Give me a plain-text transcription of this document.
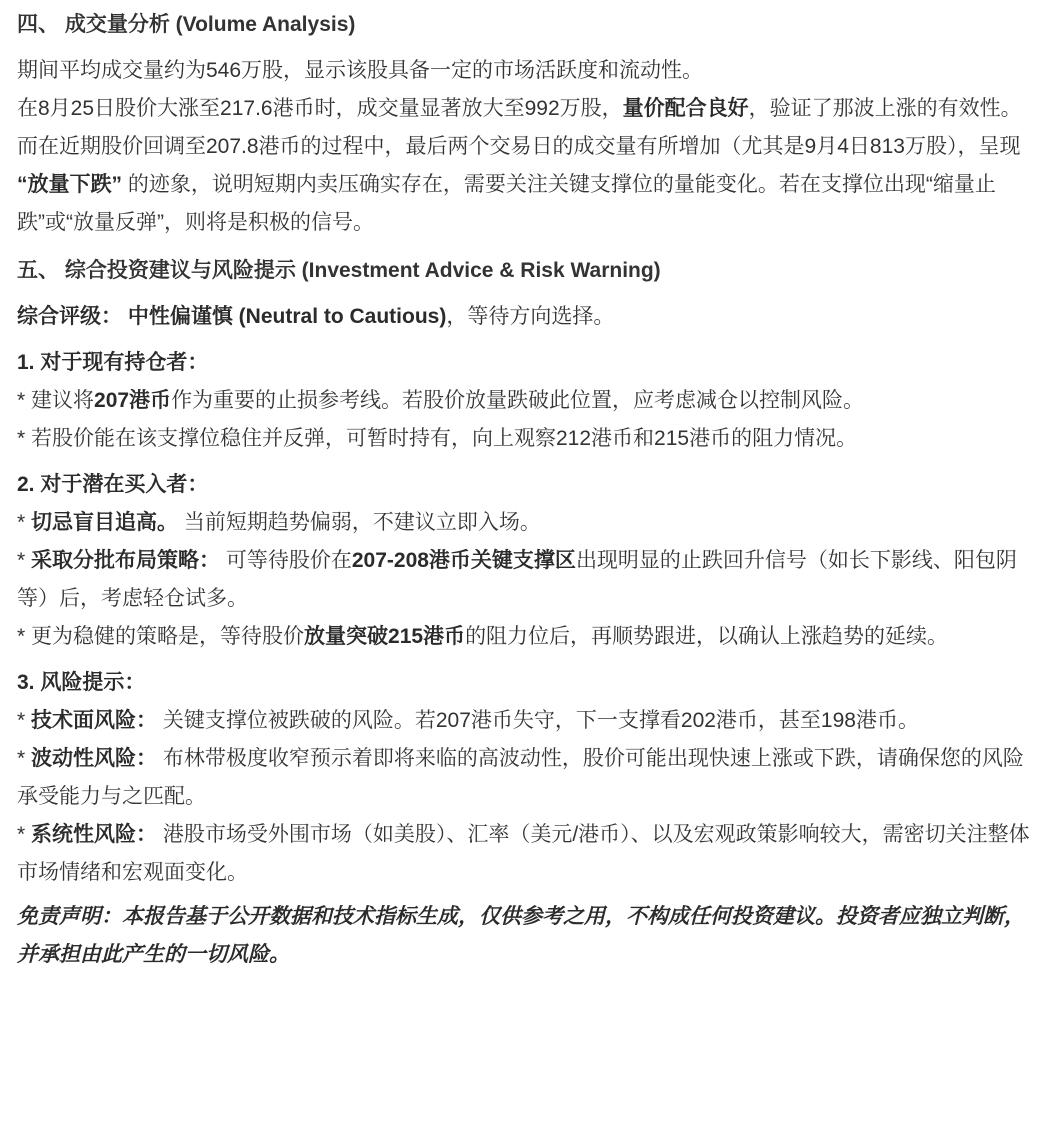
四、 成交量分析 (Volume Analysis)

期间平均成交量约为546万股，显示该股具备一定的市场活跃度和流动性。

在8月25日股价大涨至217.6港币时，成交量显著放大至992万股，量价配合良好，验证了那波上涨的有效性。

而在近期股价回调至207.8港币的过程中，最后两个交易日的成交量有所增加（尤其是9月4日813万股），呈现 “放量下跌” 的迹象，说明短期内卖压确实存在，需要关注关键支撑位的量能变化。若在支撑位出现“缩量止跌”或“放量反弹”，则将是积极的信号。

五、 综合投资建议与风险提示 (Investment Advice & Risk Warning)

综合评级： 中性偏谨慎 (Neutral to Cautious)，等待方向选择。

1. 对于现有持仓者：

* 建议将207港币作为重要的止损参考线。若股价放量跌破此位置，应考虑减仓以控制风险。

* 若股价能在该支撑位稳住并反弹，可暂时持有，向上观察212港币和215港币的阻力情况。

2. 对于潜在买入者：

* 切忌盲目追高。 当前短期趋势偏弱，不建议立即入场。

* 采取分批布局策略： 可等待股价在207-208港币关键支撑区出现明显的止跌回升信号（如长下影线、阳包阴等）后，考虑轻仓试多。

* 更为稳健的策略是，等待股价放量突破215港币的阻力位后，再顺势跟进，以确认上涨趋势的延续。

3. 风险提示：

* 技术面风险： 关键支撑位被跌破的风险。若207港币失守，下一支撑看202港币，甚至198港币。

* 波动性风险： 布林带极度收窄预示着即将来临的高波动性，股价可能出现快速上涨或下跌，请确保您的风险承受能力与之匹配。

* 系统性风险： 港股市场受外围市场（如美股）、汇率（美元/港币）、以及宏观政策影响较大，需密切关注整体市场情绪和宏观面变化。

免责声明：本报告基于公开数据和技术指标生成，仅供参考之用，不构成任何投资建议。投资者应独立判断，并承担由此产生的一切风险。
